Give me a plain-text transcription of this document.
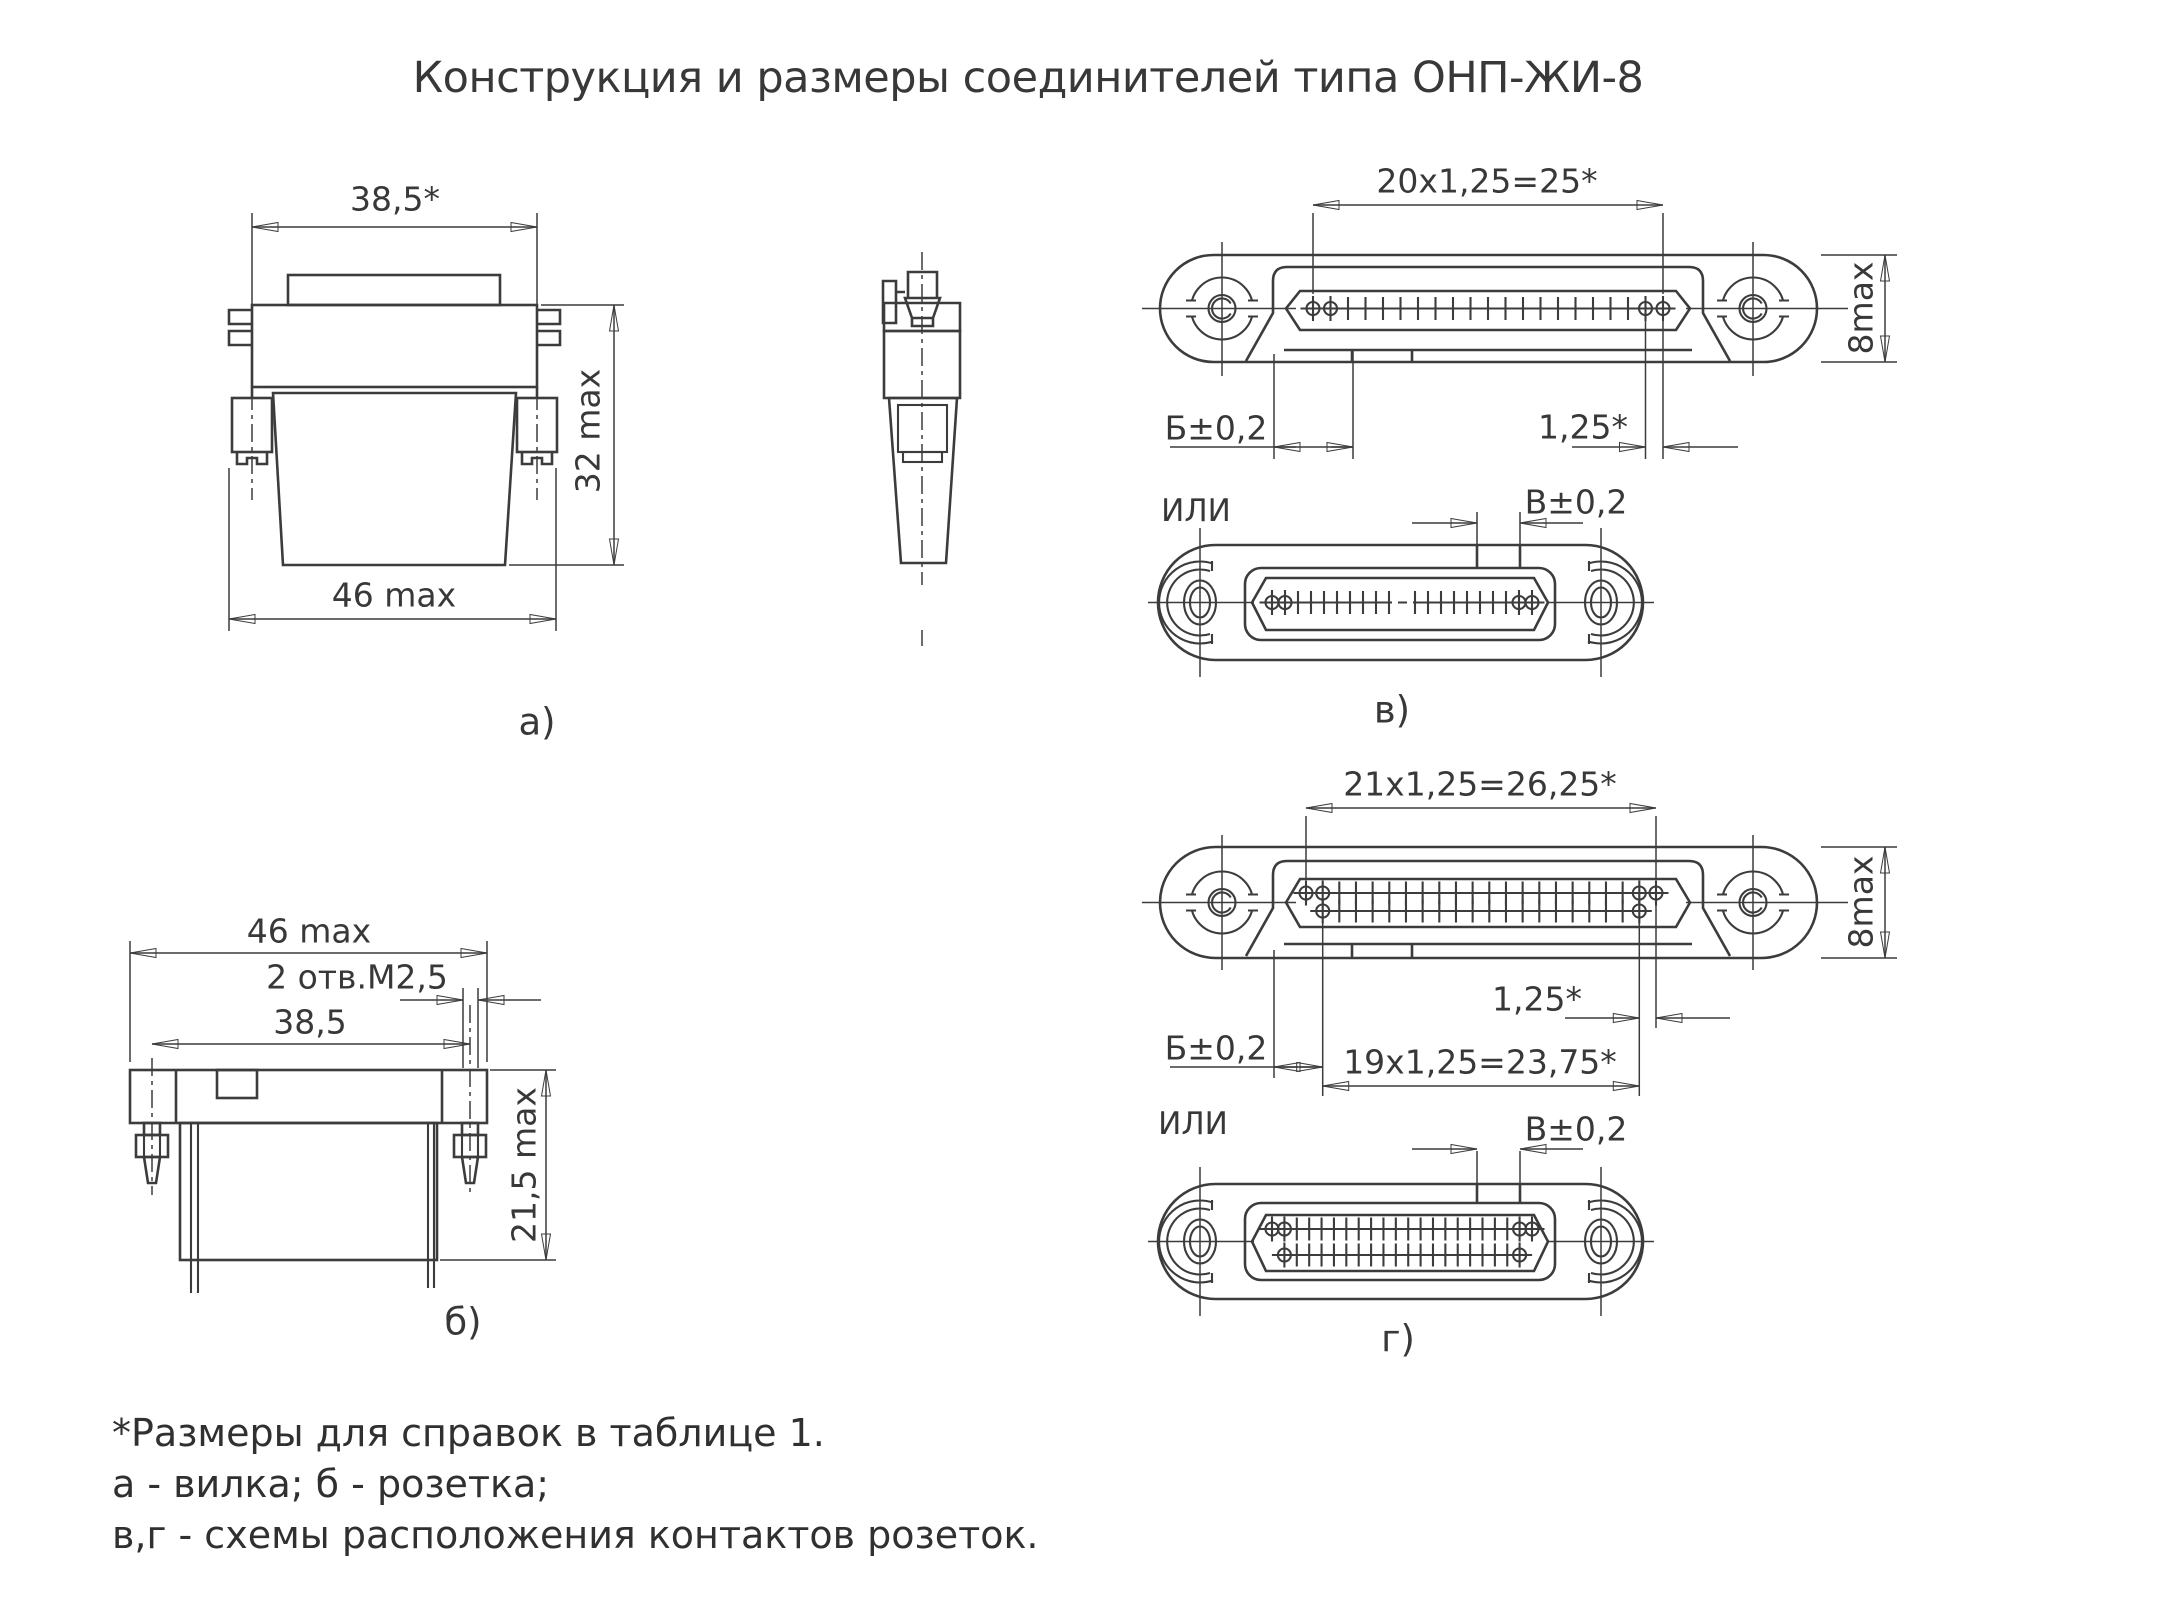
Конструкция и размеры соединителей типа ОНП-ЖИ-8
38,5*
32 max
46 max
а)
46 max
2 отв.М2,5
38,5
21,5 max
б)
20x1,25=25*
8max
Б±0,2	1,25*
ИЛИ	В±0,2
в)
21x1,25=26,25*
8max
1,25*
Б±0,2 19x1,25=23,75*
ИЛИ	В±0,2
г)
*Размеры для справок в таблице 1.
а - вилка; б - розетка;
в,г - схемы расположения контактов розеток.
